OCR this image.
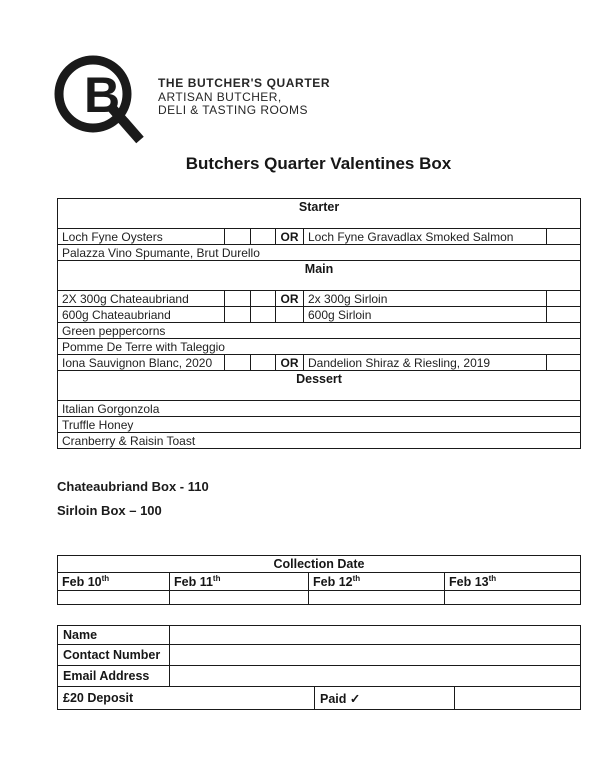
B	THE BUTCHER'S QUARTER
ARTISAN BUTCHER,
DELI & TASTING ROOMS
Butchers Quarter Valentines Box
Starter					
Loch Fyne Oysters			OR	Loch Fyne Gravadlax Smoked Salmon	
Palazza Vino Spumante, Brut Durello					
Main					
2X 300g Chateaubriand			OR	2x 300g Sirloin	
600g Chateaubriand				600g Sirloin	
Green peppercorns					
Pomme De Terre with Taleggio					
Iona Sauvignon Blanc, 2020			OR	Dandelion Shiraz & Riesling, 2019	
Dessert					
Italian Gorgonzola					
Truffle Honey					
Cranberry & Raisin Toast					
Chateaubriand Box - 110
Sirloin Box – 100
Collection Date			
Feb 10th	Feb 11th	Feb 12th	Feb 13th

Name			
Contact Number			
Email Address			
£20 Deposit		Paid ✓	
